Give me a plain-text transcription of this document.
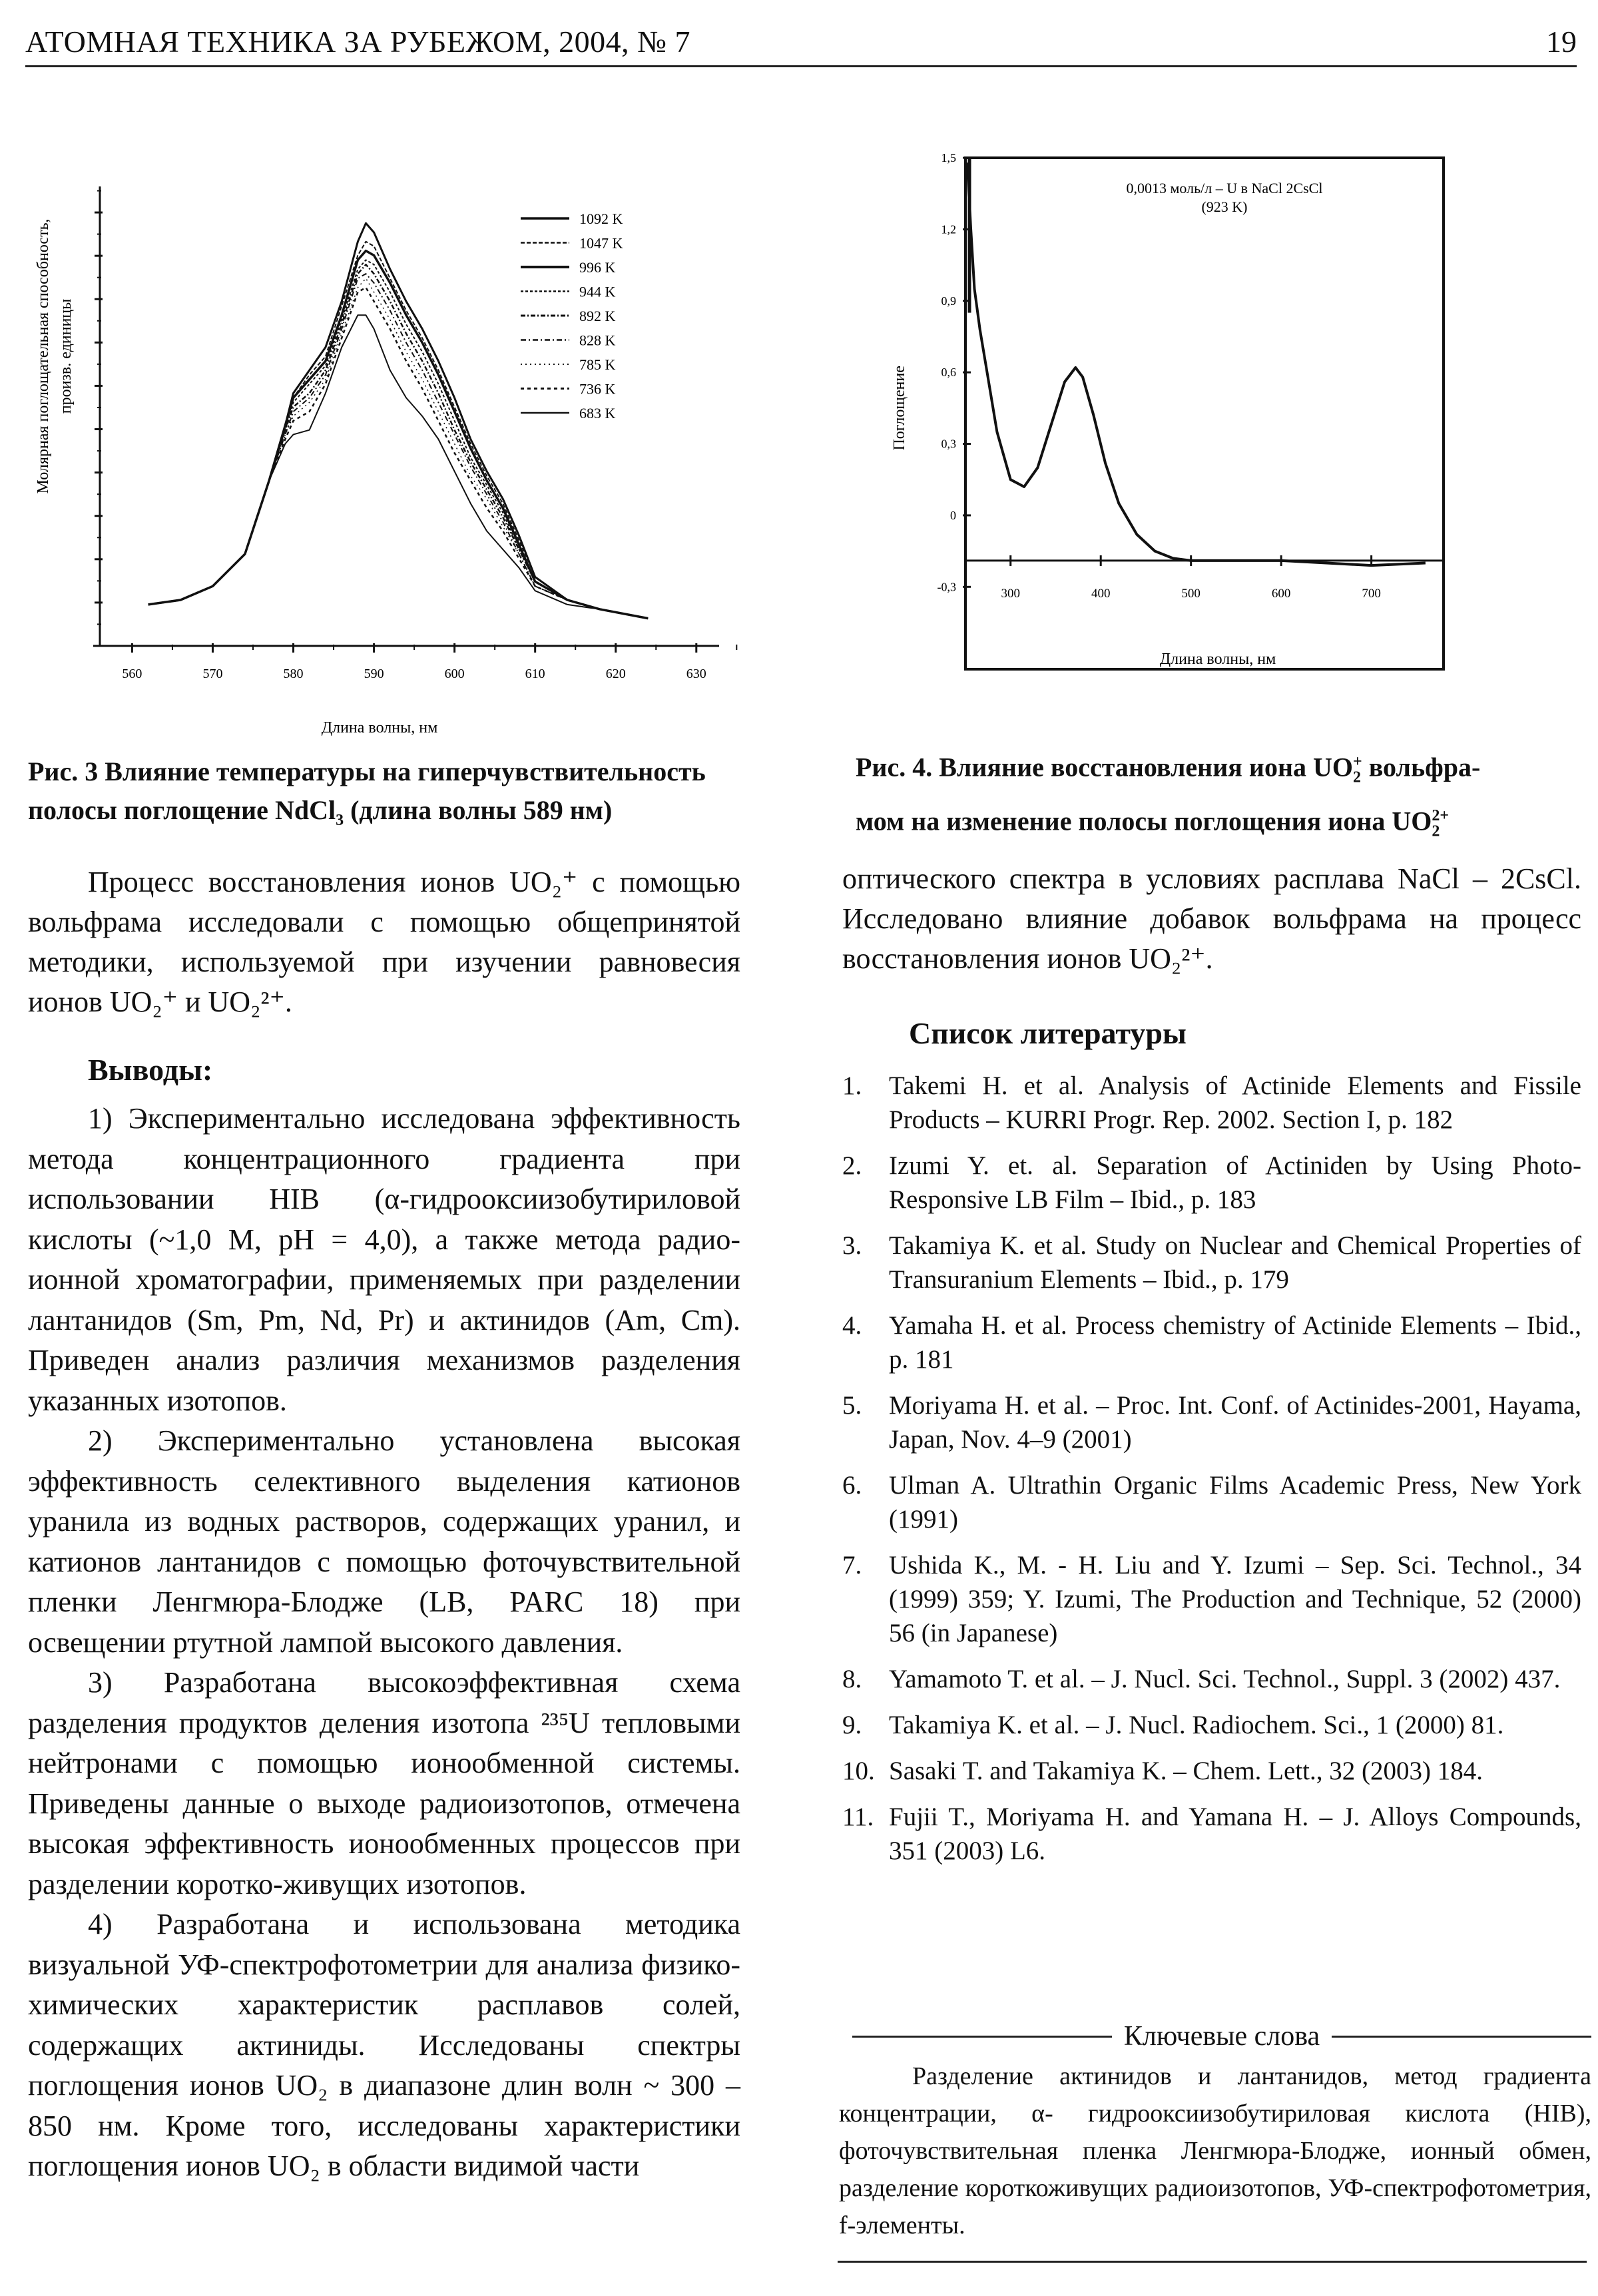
АТОМНАЯ ТЕХНИКА ЗА РУБЕЖОМ, 2004, № 7	19
560	570	580	590	600	610	620	630
Длина волны, нм
Молярная поглощательная способность, произв. единицы
1092 K
1047 K
996 K
944 K
892 K
828 K
785 K
736 K
683 K
Рис. 3 Влияние температуры на гиперчувствительность
полосы поглощение NdCl$_3$ (длина волны 589 нм)
1,5
1,2
0,9
0,6
0,3
0
-0,3	300	400	500	600	700
Длина волны, нм
Поглощение
0,0013 моль/л – U в NaCl 2CsCl
(923 K)
Рис. 4. Влияние восстановления иона $UO_2^+$ вольфра-
мом на изменение полосы поглощения иона $UO_2^{2+}$

Процесс восстановления ионов UO₂⁺ с помощью вольфрама исследовали с помощью общепринятой методики, используемой при изучении равновесия ионов UO₂⁺ и UO₂²⁺.

Выводы:

1) Экспериментально исследована эффективность метода концентрационного градиента при использовании HIB (α-гидрооксиизобутириловой кислоты (~1,0 M, pH = 4,0), а также метода радио-ионной хроматографии, применяемых при разделении лантанидов (Sm, Pm, Nd, Pr) и актинидов (Am, Cm). Приведен анализ различия механизмов разделения указанных изотопов.

2) Экспериментально установлена высокая эффективность селективного выделения катионов уранила из водных растворов, содержащих уранил, и катионов лантанидов с помощью фоточувствительной пленки Ленгмюра-Блодже (LB, PARC 18) при освещении ртутной лампой высокого давления.

3) Разработана высокоэффективная схема разделения продуктов деления изотопа ²³⁵U тепловыми нейтронами с помощью ионообменной системы. Приведены данные о выходе радиоизотопов, отмечена высокая эффективность ионообменных процессов при разделении коротко-живущих изотопов.

4) Разработана и использована методика визуальной УФ-спектрофотометрии для анализа физико-химических характеристик расплавов солей, содержащих актиниды. Исследованы спектры поглощения ионов UO₂ в диапазоне длин волн ~ 300 – 850 нм. Кроме того, исследованы характеристики поглощения ионов UO₂ в области видимой части

оптического спектра в условиях расплава NaCl – 2CsCl. Исследовано влияние добавок вольфрама на процесс восстановления ионов UO₂²⁺.

Список литературы
1.	Takemi H. et al. Analysis of Actinide Elements and Fissile Products – KURRI Progr. Rep. 2002. Section I, p. 182
2.	Izumi Y. et. al. Separation of Actiniden by Using Photo-Responsive LB Film – Ibid., p. 183
3.	Takamiya K. et al. Study on Nuclear and Chemical Properties of Transuranium Elements – Ibid., p. 179
4.	Yamaha H. et al. Process chemistry of Actinide Elements – Ibid., p. 181
5.	Moriyama H. et al. – Proc. Int. Conf. of Actinides-2001, Hayama, Japan, Nov. 4–9 (2001)
6.	Ulman A. Ultrathin Organic Films Academic Press, New York (1991)
7.	Ushida K., M. - H. Liu and Y. Izumi – Sep. Sci. Technol., 34 (1999) 359; Y. Izumi, The Production and Technique, 52 (2000) 56 (in Japanese)
8.	Yamamoto T. et al. – J. Nucl. Sci. Technol., Suppl. 3 (2002) 437.
9.	Takamiya K. et al. – J. Nucl. Radiochem. Sci., 1 (2000) 81.
10. Sasaki T. and Takamiya K. – Chem. Lett., 32 (2003) 184.
11. Fujii T., Moriyama H. and Yamana H. – J. Alloys Compounds, 351 (2003) L6.
Ключевые слова

Разделение актинидов и лантанидов, метод градиента концентрации, α- гидрооксиизобутириловая кислота (HIB), фоточувствительная пленка Ленгмюра-Блодже, ионный обмен, разделение короткоживущих радиоизотопов, УФ-спектрофотометрия, f-элементы.
